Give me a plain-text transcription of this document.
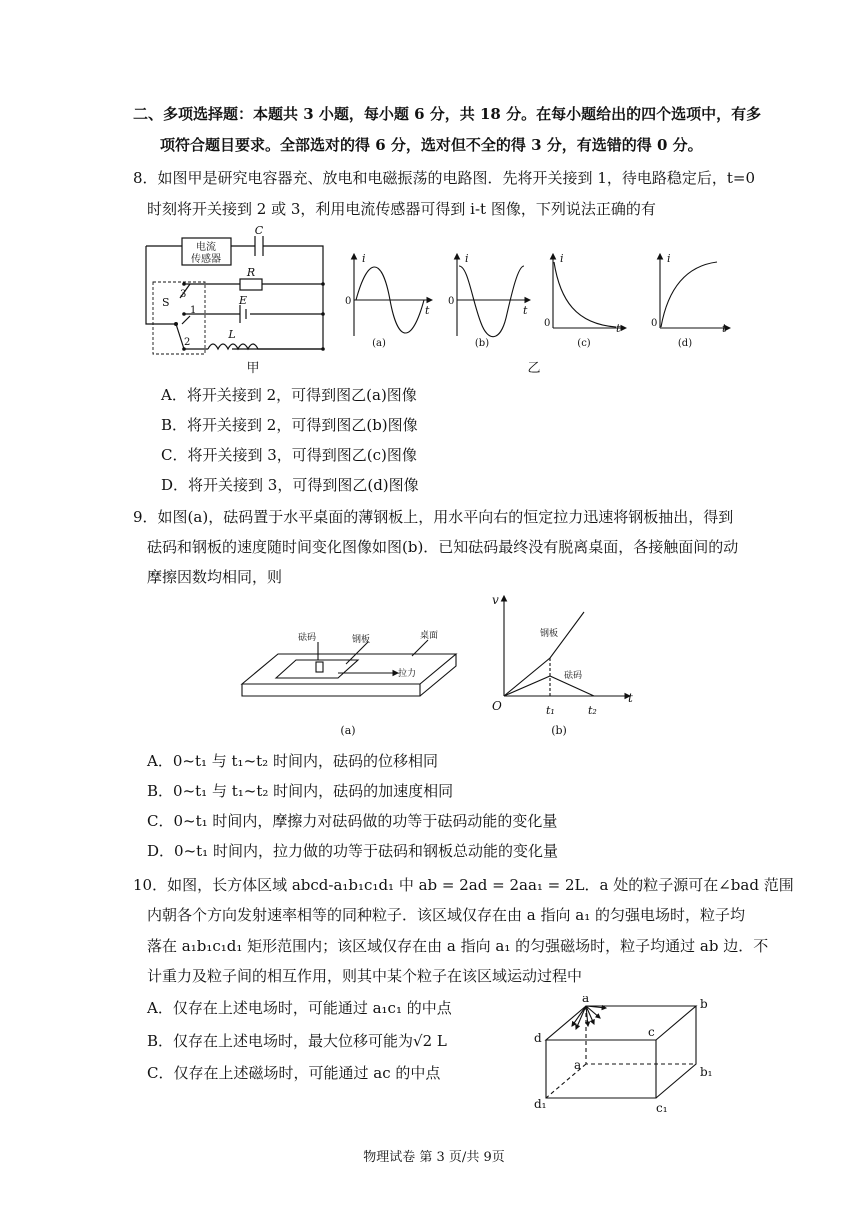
二、多项选择题：本题共 3 小题，每小题 6 分，共 18 分。在每小题给出的四个选项中，有多
项符合题目要求。全部选对的得 6 分，选对但不全的得 3 分，有选错的得 0 分。
8．如图甲是研究电容器充、放电和电磁振荡的电路图．先将开关接到 1，待电路稳定后，t=0
时刻将开关接到 2 或 3，利用电流传感器可得到 i-t 图像，下列说法正确的有
电流
传感器
C
R
E
L
S
3
1
2
甲
i
t
0
i
t
0
i
t
0
i
t
0
(a)	(b)	(c)	(d)
乙
A．将开关接到 2，可得到图乙(a)图像
B．将开关接到 2，可得到图乙(b)图像
C．将开关接到 3，可得到图乙(c)图像
D．将开关接到 3，可得到图乙(d)图像
9．如图(a)，砝码置于水平桌面的薄钢板上，用水平向右的恒定拉力迅速将钢板抽出，得到
砝码和钢板的速度随时间变化图像如图(b)．已知砝码最终没有脱离桌面，各接触面间的动
摩擦因数均相同，则
砝码	钢板	桌面
拉力
(a)
v
t
O	t₁	t₂
钢板
砝码
(b)
A．0~t₁ 与 t₁~t₂ 时间内，砝码的位移相同
B．0~t₁ 与 t₁~t₂ 时间内，砝码的加速度相同
C．0~t₁ 时间内，摩擦力对砝码做的功等于砝码动能的变化量
D．0~t₁ 时间内，拉力做的功等于砝码和钢板总动能的变化量
10．如图，长方体区域 abcd-a₁b₁c₁d₁ 中 ab = 2ad = 2aa₁ = 2L．a 处的粒子源可在∠bad 范围
内朝各个方向发射速率相等的同种粒子．该区域仅存在由 a 指向 a₁ 的匀强电场时，粒子均
落在 a₁b₁c₁d₁ 矩形范围内；该区域仅存在由 a 指向 a₁ 的匀强磁场时，粒子均通过 ab 边．不
计重力及粒子间的相互作用，则其中某个粒子在该区域运动过程中
A．仅存在上述电场时，可能通过 a₁c₁ 的中点
B．仅存在上述电场时，最大位移可能为√2 L
C．仅存在上述磁场时，可能通过 ac 的中点
a	b
c
d
a	b₁
c₁
d₁
物理试卷 第 3 页/共 9页
